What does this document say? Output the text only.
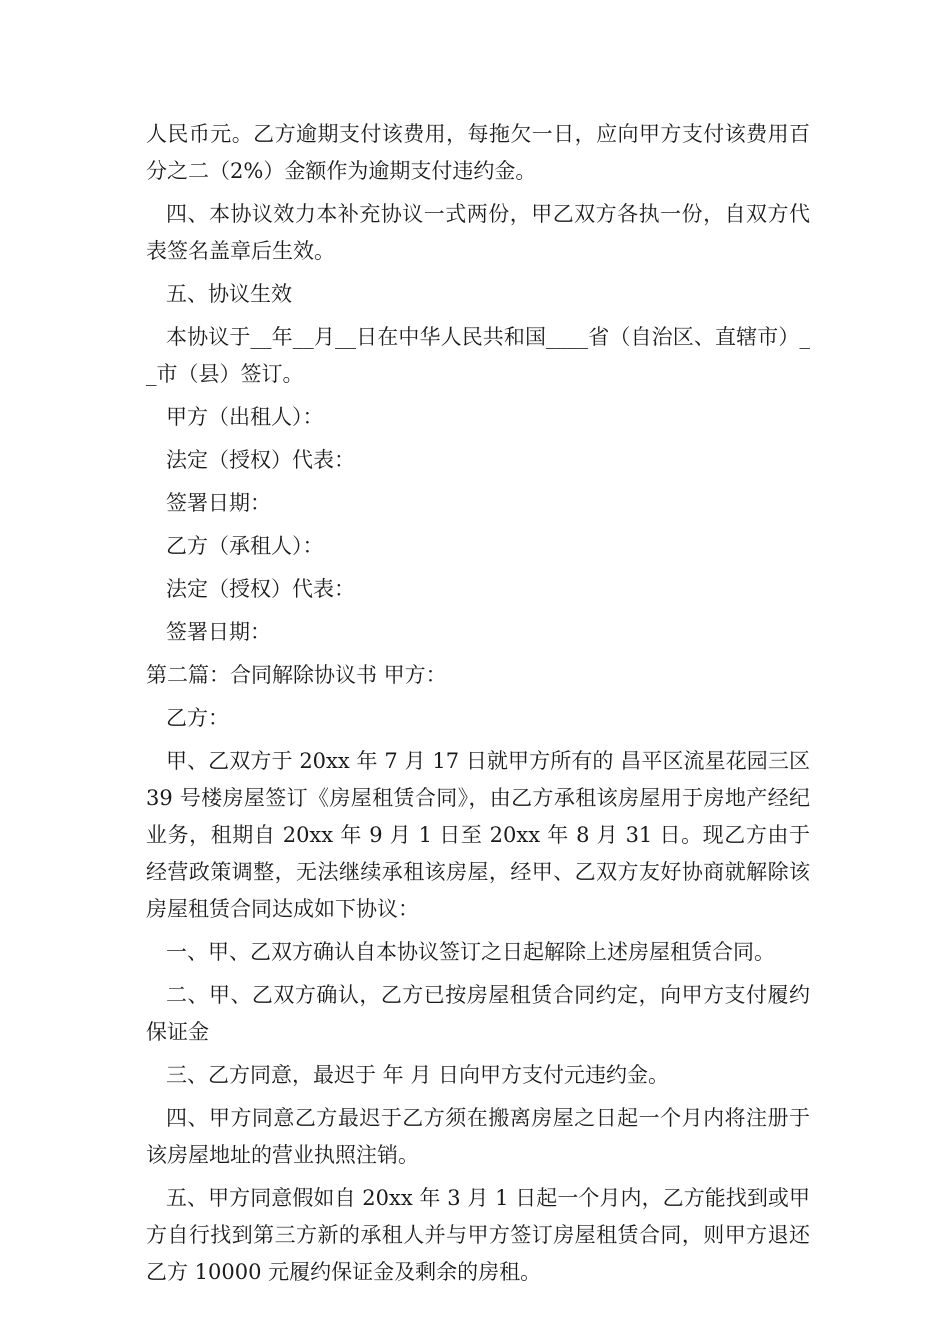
人民币元。乙方逾期支付该费用，每拖欠一日，应向甲方支付该费用百分之二（2%）金额作为逾期支付违约金。

四、本协议效力本补充协议一式两份，甲乙双方各执一份，自双方代表签名盖章后生效。

五、协议生效

本协议于__年__月__日在中华人民共和国____省（自治区、直辖市）__市（县）签订。

甲方（出租人）：

法定（授权）代表：

签署日期：

乙方（承租人）：

法定（授权）代表：

签署日期：

第二篇：合同解除协议书 甲方：

乙方：

甲、乙双方于 20xx 年 7 月 17 日就甲方所有的 昌平区流星花园三区 39 号楼房屋签订《房屋租赁合同》，由乙方承租该房屋用于房地产经纪业务，租期自 20xx 年 9 月 1 日至 20xx 年 8 月 31 日。现乙方由于经营政策调整，无法继续承租该房屋，经甲、乙双方友好协商就解除该房屋租赁合同达成如下协议：

一、甲、乙双方确认自本协议签订之日起解除上述房屋租赁合同。

二、甲、乙双方确认，乙方已按房屋租赁合同约定，向甲方支付履约保证金

三、乙方同意，最迟于 年 月 日向甲方支付元违约金。

四、甲方同意乙方最迟于乙方须在搬离房屋之日起一个月内将注册于该房屋地址的营业执照注销。

五、甲方同意假如自 20xx 年 3 月 1 日起一个月内，乙方能找到或甲方自行找到第三方新的承租人并与甲方签订房屋租赁合同，则甲方退还乙方 10000 元履约保证金及剩余的房租。
